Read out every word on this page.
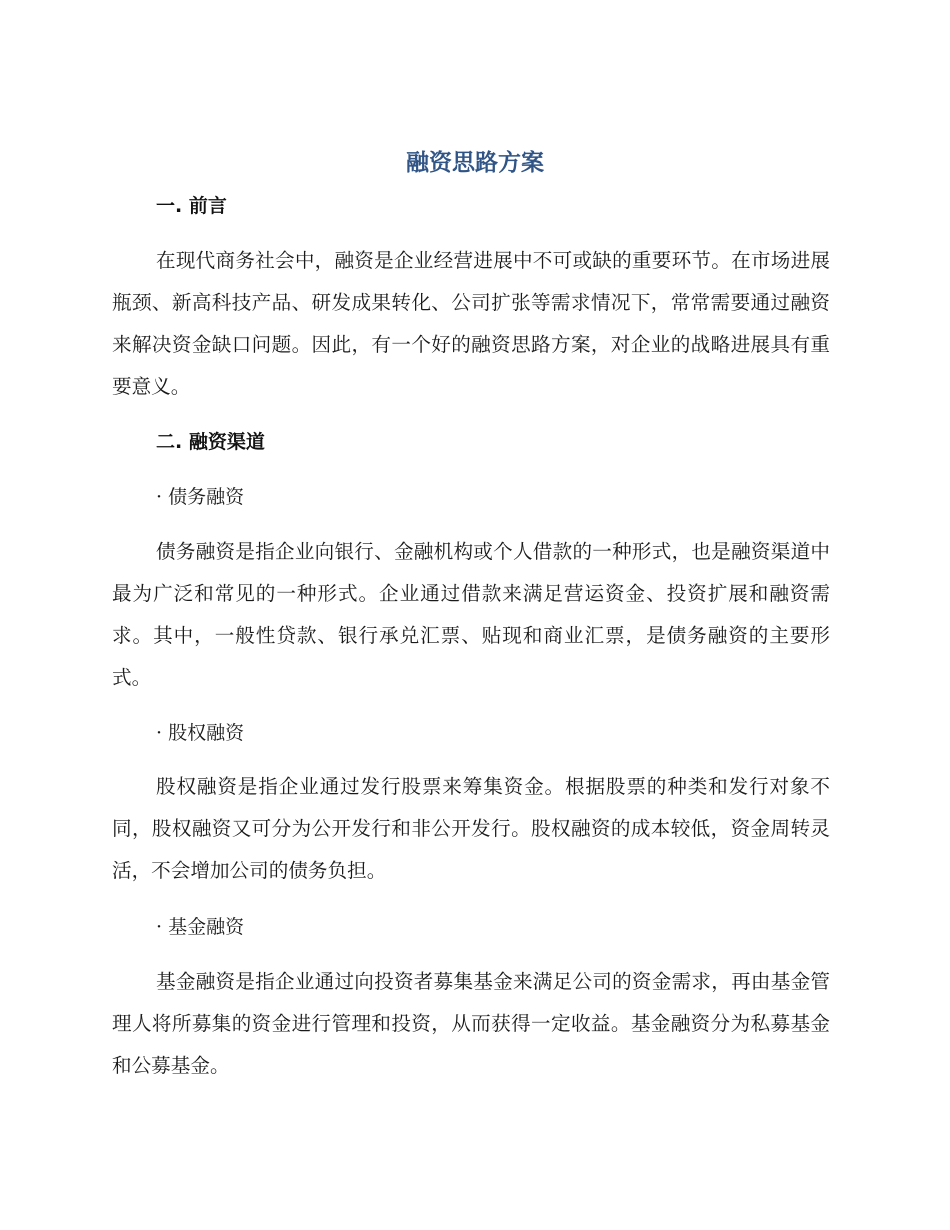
融资思路方案
一. 前言

在现代商务社会中，融资是企业经营进展中不可或缺的重要环节。在市场进展瓶颈、新高科技产品、研发成果转化、公司扩张等需求情况下，常常需要通过融资来解决资金缺口问题。因此，有一个好的融资思路方案，对企业的战略进展具有重要意义。

二. 融资渠道

· 债务融资

债务融资是指企业向银行、金融机构或个人借款的一种形式，也是融资渠道中最为广泛和常见的一种形式。企业通过借款来满足营运资金、投资扩展和融资需求。其中，一般性贷款、银行承兑汇票、贴现和商业汇票，是债务融资的主要形式。

· 股权融资

股权融资是指企业通过发行股票来筹集资金。根据股票的种类和发行对象不同，股权融资又可分为公开发行和非公开发行。股权融资的成本较低，资金周转灵活，不会增加公司的债务负担。

· 基金融资

基金融资是指企业通过向投资者募集基金来满足公司的资金需求，再由基金管理人将所募集的资金进行管理和投资，从而获得一定收益。基金融资分为私募基金和公募基金。
